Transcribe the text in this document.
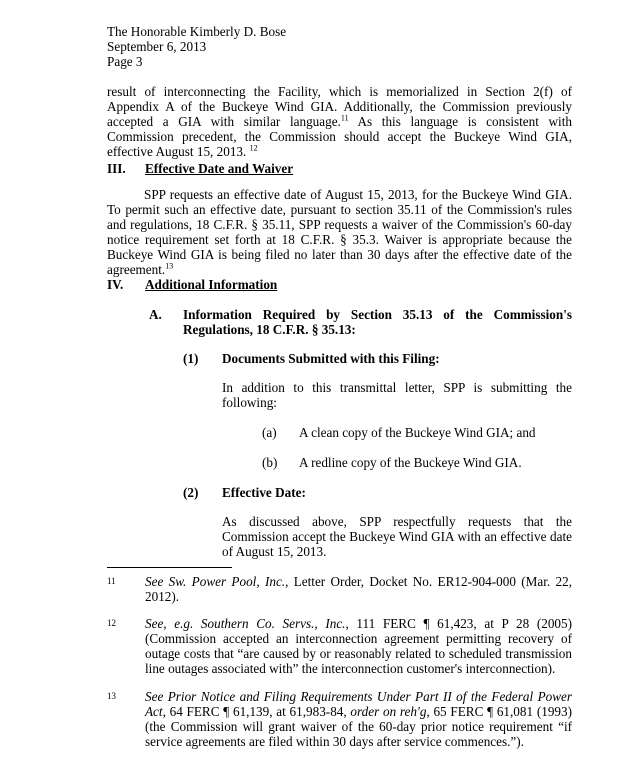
The Honorable Kimberly D. Bose
September 6, 2013
Page 3
result of interconnecting the Facility, which is memorialized in Section 2(f) of Appendix A of the Buckeye Wind GIA. Additionally, the Commission previously accepted a GIA with similar language.$^{11}$ As this language is consistent with Commission precedent, the Commission should accept the Buckeye Wind GIA, effective August 15, 2013. $^{12}$
III. Effective Date and Waiver
SPP requests an effective date of August 15, 2013, for the Buckeye Wind GIA. To permit such an effective date, pursuant to section 35.11 of the Commission's rules and regulations, 18 C.F.R. § 35.11, SPP requests a waiver of the Commission's 60-day notice requirement set forth at 18 C.F.R. § 35.3. Waiver is appropriate because the Buckeye Wind GIA is being filed no later than 30 days after the effective date of the agreement.$^{13}$
IV. Additional Information
A. Information Required by Section 35.13 of the Commission's Regulations, 18 C.F.R. § 35.13:
(1) Documents Submitted with this Filing:
In addition to this transmittal letter, SPP is submitting the following:
(a) A clean copy of the Buckeye Wind GIA; and
(b) A redline copy of the Buckeye Wind GIA.
(2) Effective Date:
As discussed above, SPP respectfully requests that the Commission accept the Buckeye Wind GIA with an effective date of August 15, 2013.
11 See Sw. Power Pool, Inc., Letter Order, Docket No. ER12-904-000 (Mar. 22, 2012).
12 See, e.g. Southern Co. Servs., Inc., 111 FERC ¶ 61,423, at P 28 (2005) (Commission accepted an interconnection agreement permitting recovery of outage costs that “are caused by or reasonably related to scheduled transmission line outages associated with” the interconnection customer's interconnection).
13 See Prior Notice and Filing Requirements Under Part II of the Federal Power Act, 64 FERC ¶ 61,139, at 61,983-84, order on reh'g, 65 FERC ¶ 61,081 (1993) (the Commission will grant waiver of the 60-day prior notice requirement “if service agreements are filed within 30 days after service commences.”).
